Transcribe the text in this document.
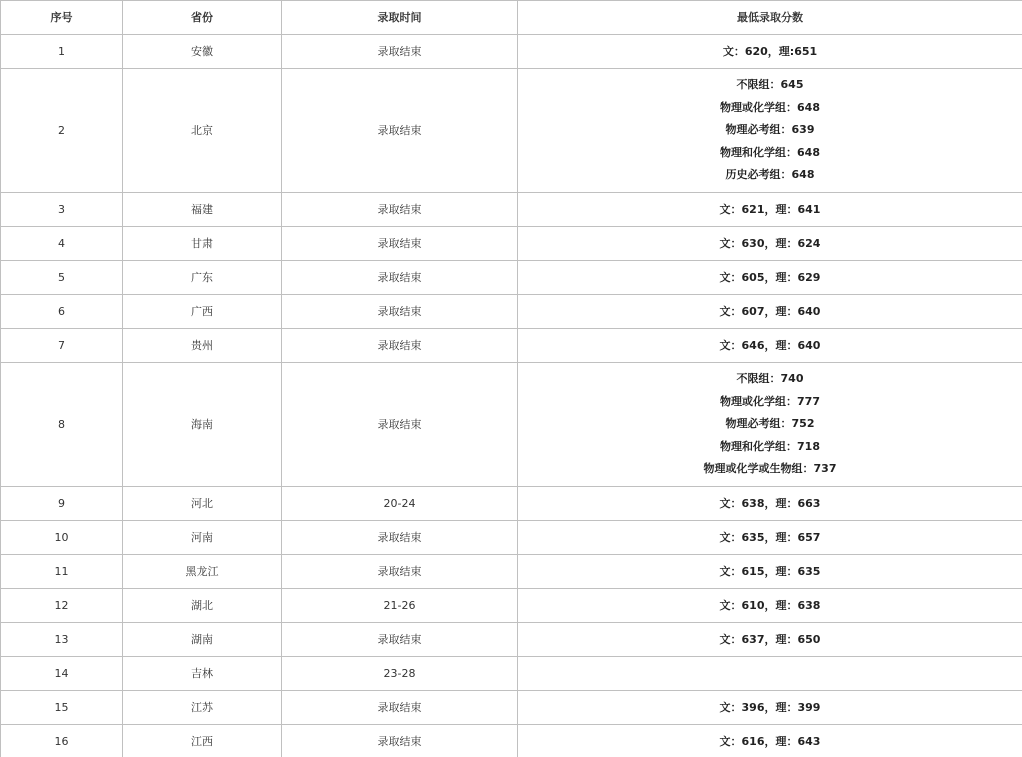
序号	省份	录取时间	最低录取分数
1	安徽	录取结束	文：620，理:651
2	北京	录取结束	不限组：645
物理或化学组：648
物理必考组：639
物理和化学组：648
历史必考组：648

3	福建	录取结束	文：621，理：641
4	甘肃	录取结束	文：630，理：624
5	广东	录取结束	文：605，理：629
6	广西	录取结束	文：607，理：640
7	贵州	录取结束	文：646，理：640
8	海南	录取结束	不限组：740
物理或化学组：777
物理必考组：752
物理和化学组：718
物理或化学或生物组：737

9	河北	20-24	文：638，理：663
10	河南	录取结束	文：635，理：657
11	黑龙江	录取结束	文：615，理：635
12	湖北	21-26	文：610，理：638
13	湖南	录取结束	文：637，理：650
14	吉林	23-28	
15	江苏	录取结束	文：396，理：399
16	江西	录取结束	文：616，理：643
